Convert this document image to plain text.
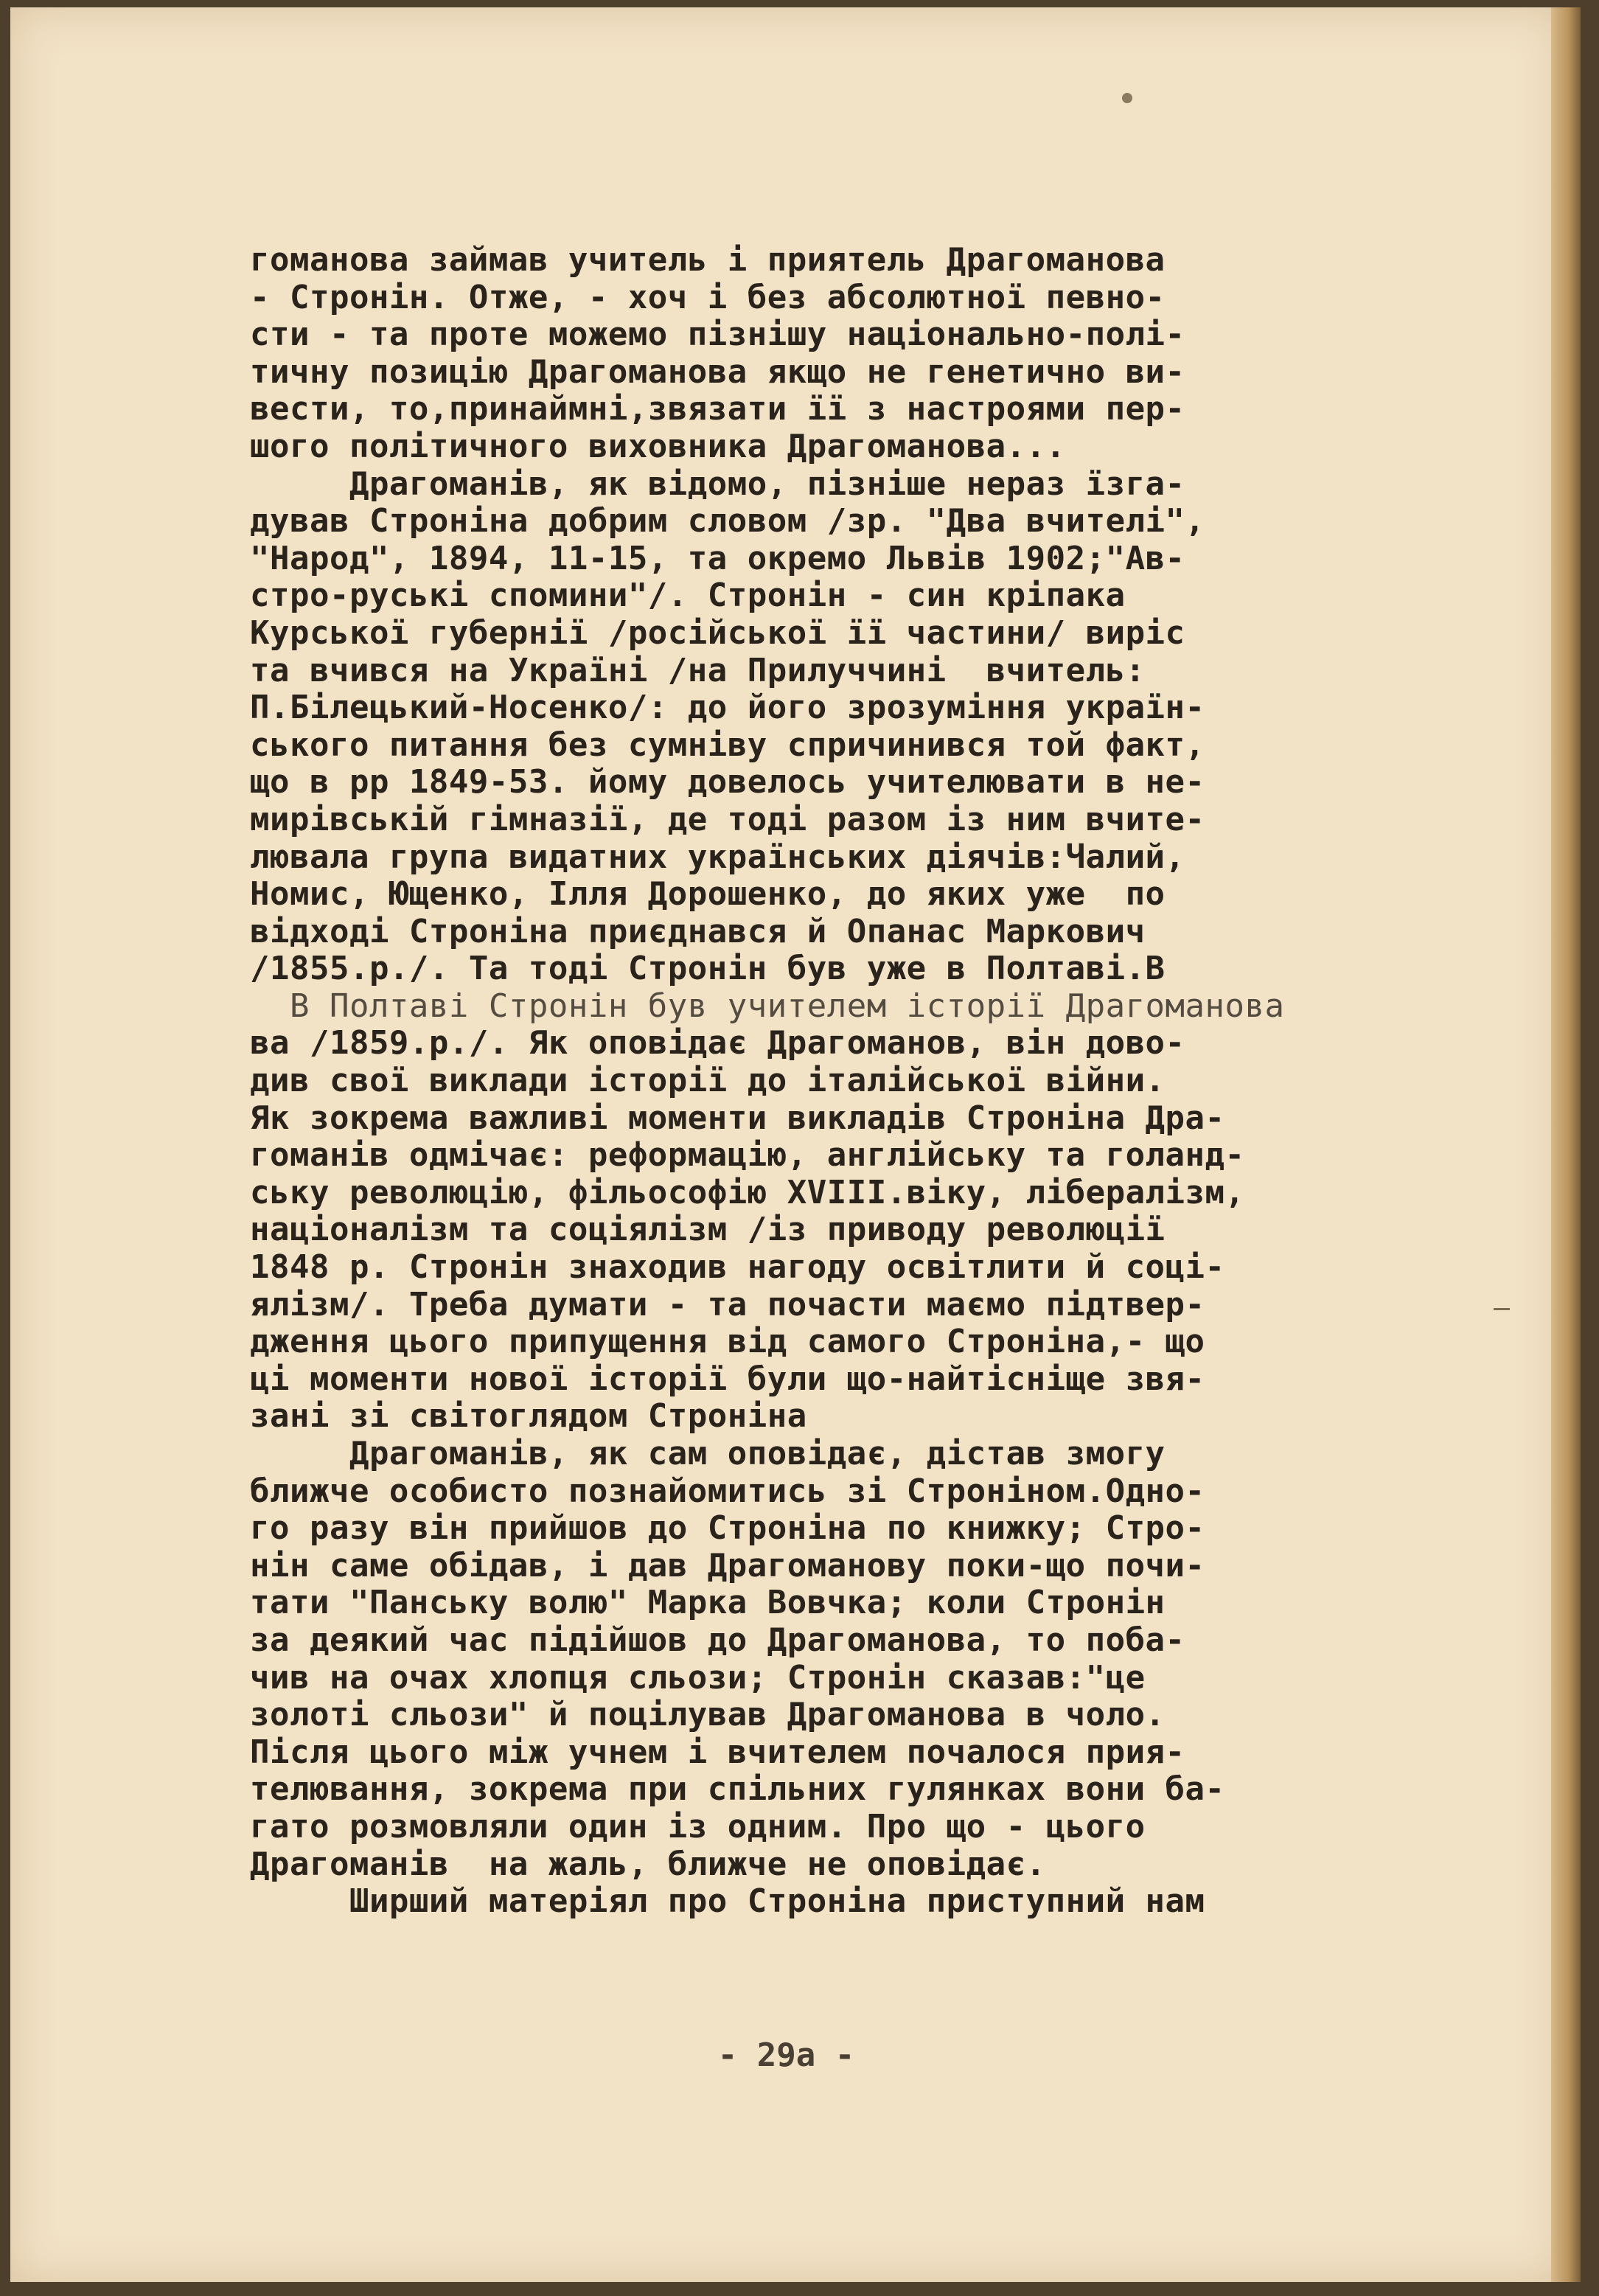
гоманова займав учитель і приятель Драгоманова
- Стронін. Отже, - хоч і без абсолютної певно-
сти - та проте можемо пізнішу національно-полі-
тичну позицію Драгоманова якщо не генетично ви-
вести, то,принаймні,звязати її з настроями пер-
шого політичного виховника Драгоманова...
Драгоманів, як відомо, пізніше нераз їзга-
дував Строніна добрим словом /зр. "Два вчителі",
"Народ", 1894, 11-15, та окремо Львів 1902;"Ав-
стро-руські спомини"/. Стронін - син кріпака
Курської губернії /російської її частини/ виріс
та вчився на Україні /на Прилуччині  вчитель:
П.Білецький-Носенко/: до його зрозуміння україн-
ського питання без сумніву спричинився той факт,
що в рр 1849-53. йому довелось учителювати в не-
мирівській гімназії, де тоді разом із ним вчите-
лювала група видатних українських діячів:Чалий,
Номис, Ющенко, Ілля Дорошенко, до яких уже  по
відході Строніна приєднався й Опанас Маркович
/1855.р./. Та тоді Стронін був уже в Полтаві.В
В Полтаві Стронін був учителем історії Драгоманова
ва /1859.р./. Як оповідає Драгоманов, він дово-
див свої виклади історії до італійської війни.
Як зокрема важливі моменти викладів Строніна Дра-
гоманів одмічає: реформацію, англійську та голанд-
ську революцію, фільософію XVIII.віку, лібералізм,
націоналізм та соціялізм /із приводу революції
1848 р. Стронін знаходив нагоду освітлити й соці-
ялізм/. Треба думати - та почасти маємо підтвер-
дження цього припущення від самого Строніна,- що
ці моменти нової історії були що-найтісніще звя-
зані зі світоглядом Строніна
Драгоманів, як сам оповідає, дістав змогу
ближче особисто познайомитись зі Строніном.Одно-
го разу він прийшов до Строніна по книжку; Стро-
нін саме обідав, і дав Драгоманову поки-що почи-
тати "Панську волю" Марка Вовчка; коли Стронін
за деякий час підійшов до Драгоманова, то поба-
чив на очах хлопця сльози; Стронін сказав:"це
золоті сльози" й поцілував Драгоманова в чоло.
Після цього між учнем і вчителем почалося прия-
телювання, зокрема при спільних гулянках вони ба-
гато розмовляли один із одним. Про що - цього
Драгоманів  на жаль, ближче не оповідає.
Ширший матеріял про Строніна приступний нам
- 29а -
